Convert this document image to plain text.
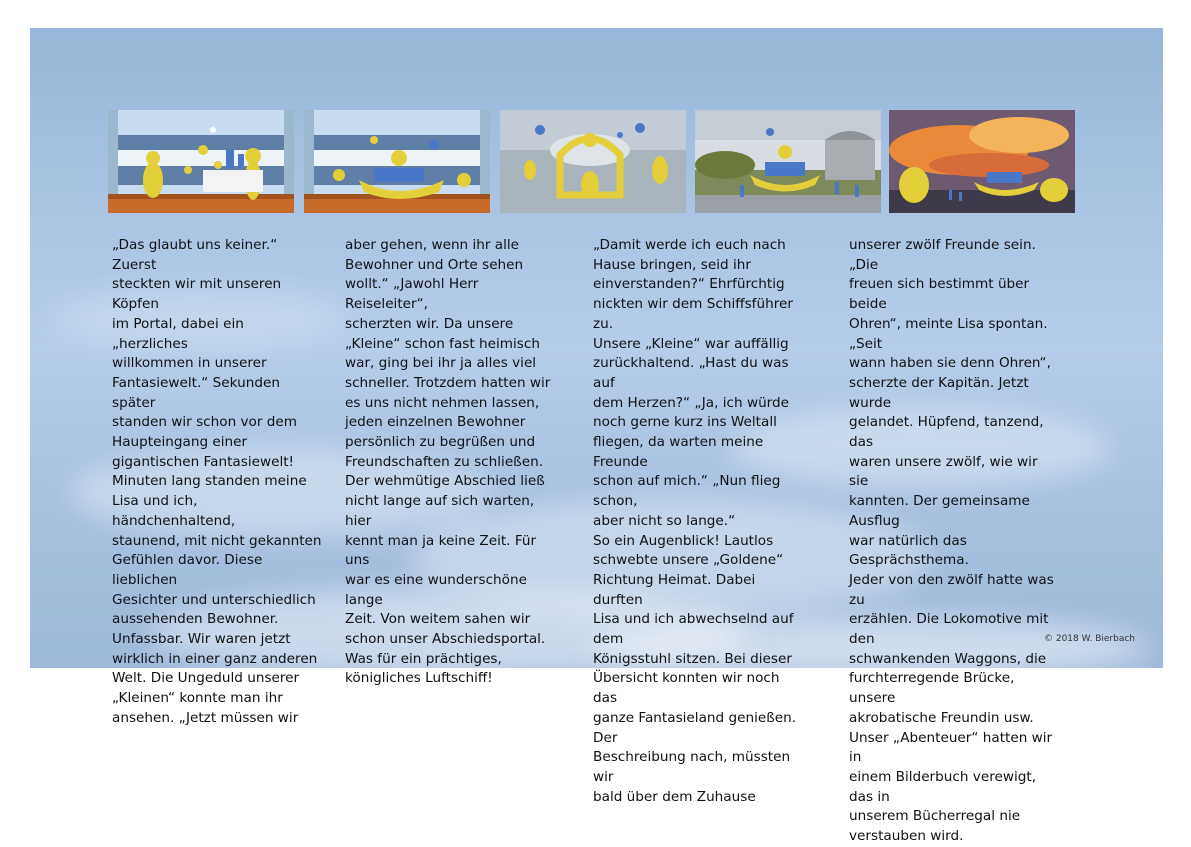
„Das glaubt uns keiner.“ Zuerst
steckten wir mit unseren Köpfen
im Portal, dabei ein „herzliches
willkommen in unserer
Fantasiewelt.“ Sekunden später
standen wir schon vor dem
Haupteingang einer
gigantischen Fantasiewelt!
Minuten lang standen meine
Lisa und ich, händchenhaltend,
staunend, mit nicht gekannten
Gefühlen davor. Diese lieblichen
Gesichter und unterschiedlich
aussehenden Bewohner.
Unfassbar. Wir waren jetzt
wirklich in einer ganz anderen
Welt. Die Ungeduld unserer
„Kleinen“ konnte man ihr
ansehen. „Jetzt müssen wir
aber gehen, wenn ihr alle
Bewohner und Orte sehen
wollt.“ „Jawohl Herr Reiseleiter“,
scherzten wir. Da unsere
„Kleine“ schon fast heimisch
war, ging bei ihr ja alles viel
schneller. Trotzdem hatten wir
es uns nicht nehmen lassen,
jeden einzelnen Bewohner
persönlich zu begrüßen und
Freundschaften zu schließen.
Der wehmütige Abschied ließ
nicht lange auf sich warten, hier
kennt man ja keine Zeit. Für uns
war es eine wunderschöne lange
Zeit. Von weitem sahen wir
schon unser Abschiedsportal.
Was für ein prächtiges,
königliches Luftschiff!
„Damit werde ich euch nach
Hause bringen, seid ihr
einverstanden?“ Ehrfürchtig
nickten wir dem Schiffsführer zu.
Unsere „Kleine“ war auffällig
zurückhaltend. „Hast du was auf
dem Herzen?“ „Ja, ich würde
noch gerne kurz ins Weltall
fliegen, da warten meine Freunde
schon auf mich.“ „Nun flieg schon,
aber nicht so lange.“
So ein Augenblick! Lautlos
schwebte unsere „Goldene“
Richtung Heimat. Dabei durften
Lisa und ich abwechselnd auf dem
Königsstuhl sitzen. Bei dieser
Übersicht konnten wir noch das
ganze Fantasieland genießen. Der
Beschreibung nach, müssten wir
bald über dem Zuhause
unserer zwölf Freunde sein. „Die
freuen sich bestimmt über beide
Ohren“, meinte Lisa spontan. „Seit
wann haben sie denn Ohren“,
scherzte der Kapitän. Jetzt wurde
gelandet. Hüpfend, tanzend, das
waren unsere zwölf, wie wir sie
kannten. Der gemeinsame Ausflug
war natürlich das Gesprächsthema.
Jeder von den zwölf hatte was zu
erzählen. Die Lokomotive mit den
schwankenden Waggons, die
furchterregende Brücke, unsere
akrobatische Freundin usw.
Unser „Abenteuer“ hatten wir in
einem Bilderbuch verewigt, das in
unserem Bücherregal nie
verstauben wird.
© 2018 W. Bierbach
